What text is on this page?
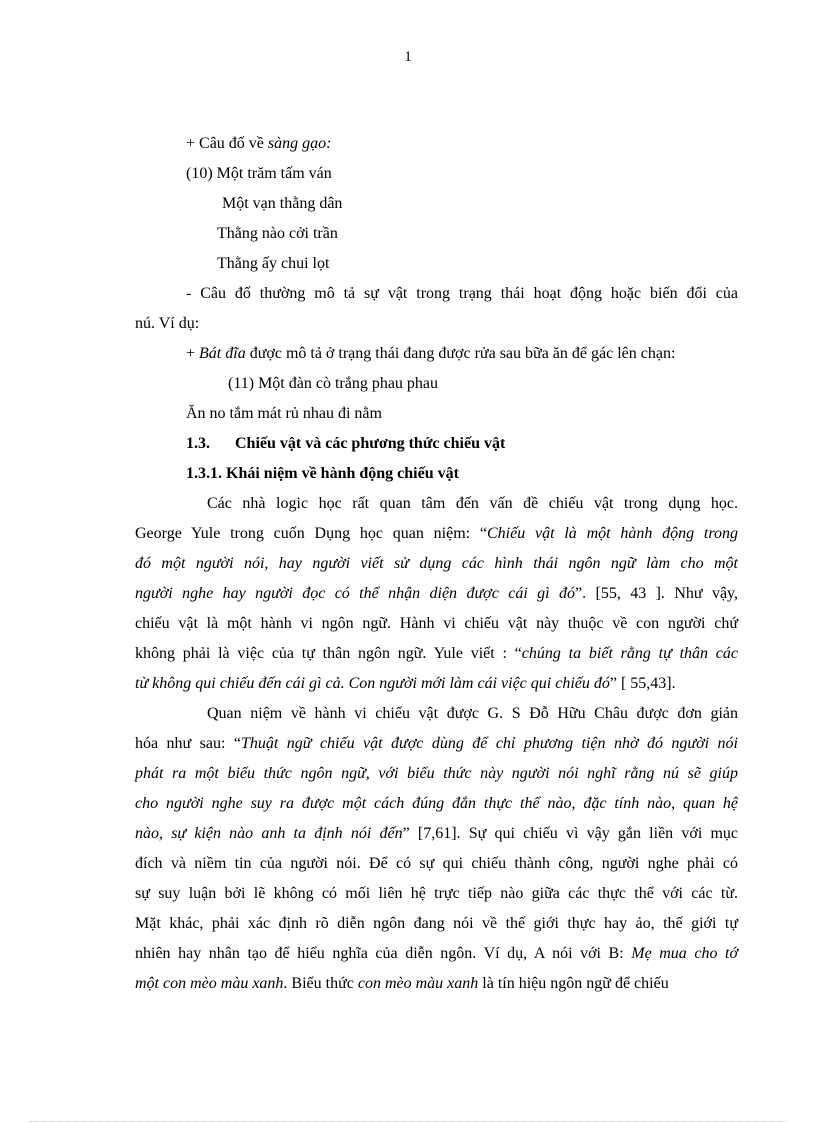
1
+ Câu đố về sàng gạo:
(10) Một trăm tấm ván
Một vạn thằng dân
Thằng nào cởi trần
Thằng ấy chui lọt
- Câu đố thường mô tả sự vật trong trạng thái hoạt động hoặc biến đổi của
nú. Ví dụ:
+ Bát đĩa được mô tả ở trạng thái đang được rửa sau bữa ăn để gác lên chạn:
(11) Một đàn cò trắng phau phau
Ăn no tắm mát rủ nhau đi nằm
1.3. Chiếu vật và các phương thức chiếu vật
1.3.1. Khái niệm về hành động chiếu vật
Các nhà logic học rất quan tâm đến vấn đề chiếu vật trong dụng học.
George Yule trong cuốn Dụng học quan niệm: “Chiếu vật là một hành động trong
đó một người nói, hay người viết sử dụng các hình thái ngôn ngữ làm cho một
người nghe hay người đọc có thể nhận diện được cái gì đó”. [55, 43 ]. Như vậy,
chiếu vật là một hành vi ngôn ngữ. Hành vi chiếu vật này thuộc về con người chứ
không phải là việc của tự thân ngôn ngữ. Yule viết : “chúng ta biết rằng tự thân các
từ không qui chiếu đến cái gì cả. Con người mới làm cái việc qui chiếu đó” [ 55,43].
Quan niệm về hành vi chiếu vật được G. S Đỗ Hữu Châu được đơn giản
hóa như sau: “Thuật ngữ chiếu vật được dùng để chỉ phương tiện nhờ đó người nói
phát ra một biểu thức ngôn ngữ, với biểu thức này người nói nghĩ rằng nú sẽ giúp
cho người nghe suy ra được một cách đúng đắn thực thể nào, đặc tính nào, quan hệ
nào, sự kiện nào anh ta định nói đến” [7,61]. Sự qui chiếu vì vậy gắn liền với mục
đích và niềm tin của người nói. Để có sự qui chiếu thành công, người nghe phải có
sự suy luận bởi lẽ không có mối liên hệ trực tiếp nào giữa các thực thể với các từ.
Mặt khác, phải xác định rõ diễn ngôn đang nói về thế giới thực hay ảo, thế giới tự
nhiên hay nhân tạo để hiểu nghĩa của diễn ngôn. Ví dụ, A nói với B: Mẹ mua cho tớ
một con mèo màu xanh. Biểu thức con mèo màu xanh là tín hiệu ngôn ngữ để chiếu
